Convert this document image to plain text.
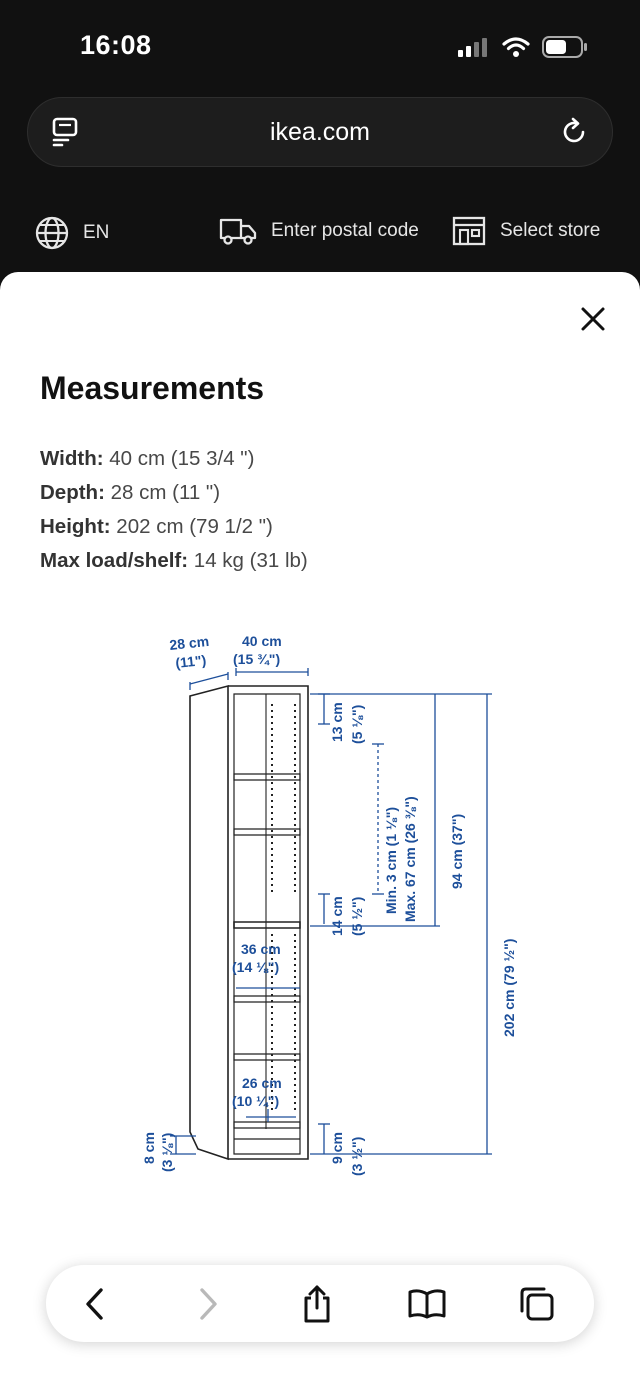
16:08
ikea.com
EN	Enter postal code	Select store
Measurements
Width: 40 cm (15 3/4 ")
Depth: 28 cm (11 ")
Height: 202 cm (79 1/2 ")
Max load/shelf: 14 kg (31 lb)
28 cm
(11")
40 cm
(15 ¾")
13 cm (5 ⅛")
Min. 3 cm (1 ⅛") Max. 67 cm (26 ⅜") 94 cm (37")
202 cm (79 ½")
14 cm (5 ½")
36 cm
(14 ⅛")
26 cm
(10 ¼")
8 cm (3 ⅛")	9 cm (3 ½")
